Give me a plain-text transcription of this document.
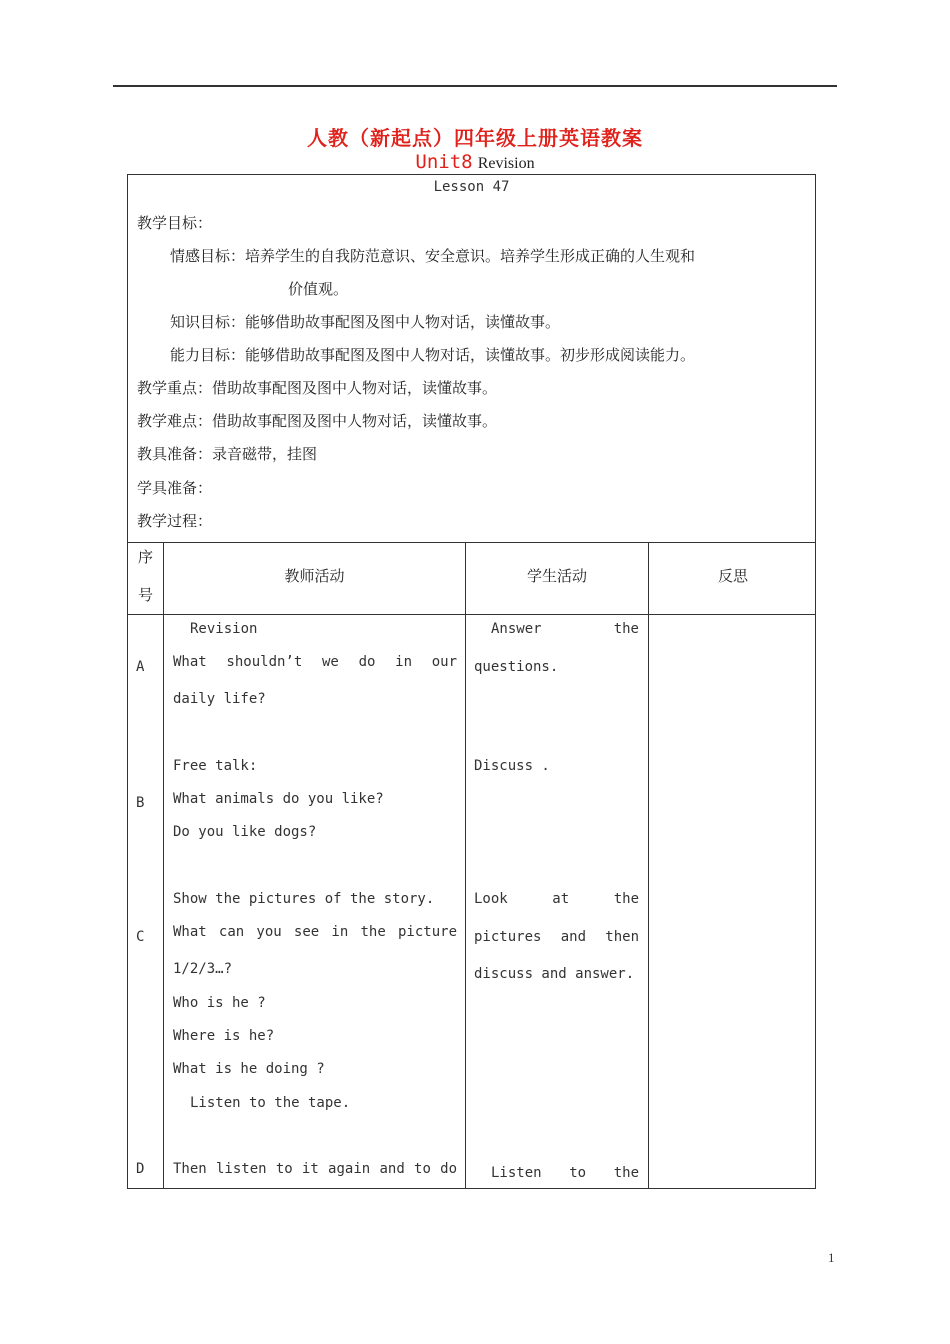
人教（新起点）四年级上册英语教案
Unit8 Revision
Lesson 47
教学目标：
情感目标：培养学生的自我防范意识、安全意识。培养学生形成正确的人生观和
价值观。
知识目标：能够借助故事配图及图中人物对话，读懂故事。
能力目标：能够借助故事配图及图中人物对话，读懂故事。初步形成阅读能力。
教学重点：借助故事配图及图中人物对话，读懂故事。
教学难点：借助故事配图及图中人物对话，读懂故事。
教具准备：录音磁带，挂图
学具准备：
教学过程：
序
号
教师活动	学生活动	反思
A
B
C
D
Revision
What shouldn’t we do in our
daily life?
Free talk:
What animals do you like?
Do you like dogs?
Show the pictures of the story.
What can you see in the picture
1/2/3…?
Who is he ?
Where is he?
What is he doing ?
Listen to the tape.
Then listen to it again and to do
Answer the
questions.
Discuss .
Look at the
pictures and then
discuss and answer.
Listen to the
1
